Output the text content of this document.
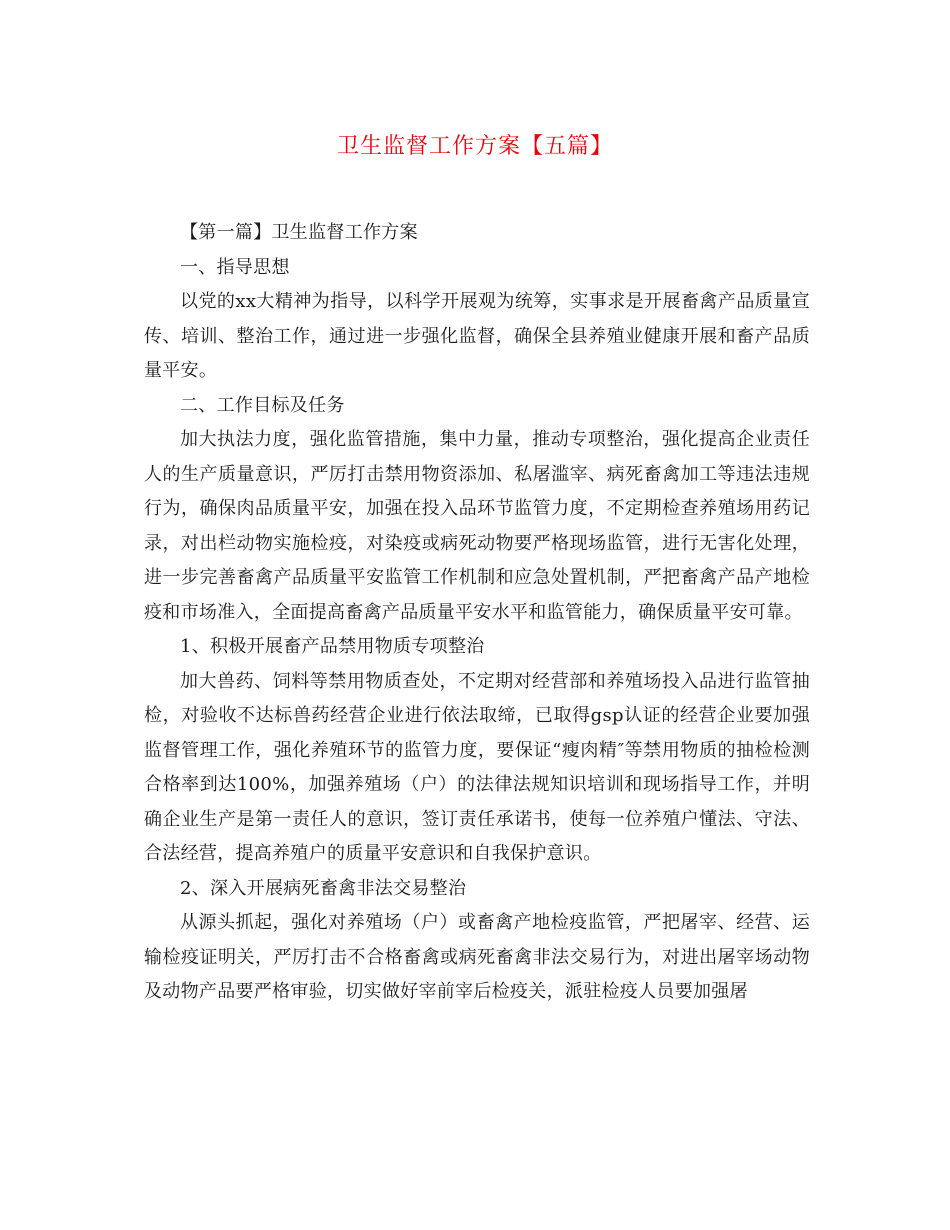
卫生监督工作方案【五篇】

【第一篇】卫生监督工作方案

一、指导思想

以党的xx大精神为指导，以科学开展观为统筹，实事求是开展畜禽产品质量宣传、培训、整治工作，通过进一步强化监督，确保全县养殖业健康开展和畜产品质量平安。

二、工作目标及任务

加大执法力度，强化监管措施，集中力量，推动专项整治，强化提高企业责任人的生产质量意识，严厉打击禁用物资添加、私屠滥宰、病死畜禽加工等违法违规行为，确保肉品质量平安，加强在投入品环节监管力度，不定期检查养殖场用药记录，对出栏动物实施检疫，对染疫或病死动物要严格现场监管，进行无害化处理，进一步完善畜禽产品质量平安监管工作机制和应急处置机制，严把畜禽产品产地检疫和市场准入，全面提高畜禽产品质量平安水平和监管能力，确保质量平安可靠。

1、积极开展畜产品禁用物质专项整治

加大兽药、饲料等禁用物质查处，不定期对经营部和养殖场投入品进行监管抽检，对验收不达标兽药经营企业进行依法取缔，已取得gsp认证的经营企业要加强监督管理工作，强化养殖环节的监管力度，要保证“瘦肉精″等禁用物质的抽检检测合格率到达100%，加强养殖场（户）的法律法规知识培训和现场指导工作，并明确企业生产是第一责任人的意识，签订责任承诺书，使每一位养殖户懂法、守法、合法经营，提高养殖户的质量平安意识和自我保护意识。

2、深入开展病死畜禽非法交易整治

从源头抓起，强化对养殖场（户）或畜禽产地检疫监管，严把屠宰、经营、运输检疫证明关，严厉打击不合格畜禽或病死畜禽非法交易行为，对进出屠宰场动物及动物产品要严格审验，切实做好宰前宰后检疫关，派驻检疫人员要加强屠
